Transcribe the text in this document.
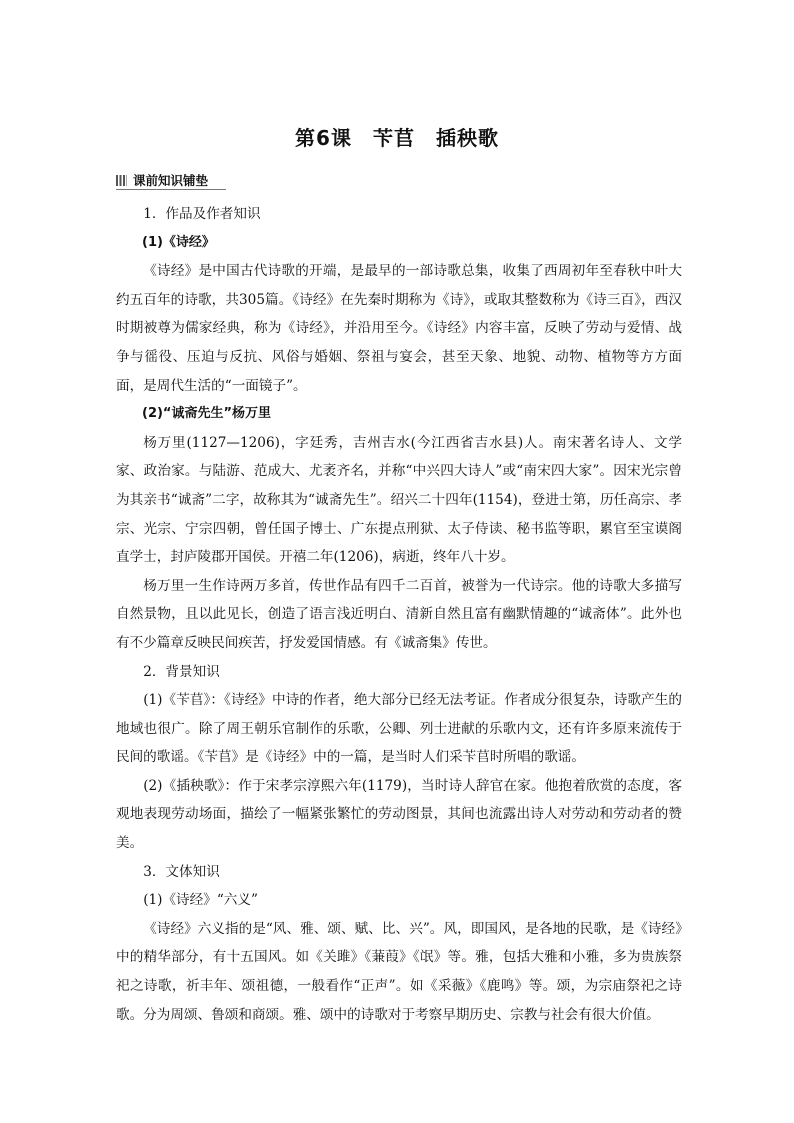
第6课　苄苢　插秧歌
课前知识铺垫

1．作品及作者知识

(1)《诗经》

《诗经》是中国古代诗歌的开端，是最早的一部诗歌总集，收集了西周初年至春秋中叶大约五百年的诗歌，共305篇。《诗经》在先秦时期称为《诗》，或取其整数称为《诗三百》，西汉时期被尊为儒家经典，称为《诗经》，并沿用至今。《诗经》内容丰富，反映了劳动与爱情、战争与徭役、压迫与反抗、风俗与婚姻、祭祖与宴会，甚至天象、地貌、动物、植物等方方面面，是周代生活的“一面镜子”。

(2)“诚斋先生”杨万里

杨万里(1127—1206)，字廷秀，吉州吉水(今江西省吉水县)人。南宋著名诗人、文学家、政治家。与陆游、范成大、尤袤齐名，并称“中兴四大诗人”或“南宋四大家”。因宋光宗曾为其亲书“诚斋”二字，故称其为“诚斋先生”。绍兴二十四年(1154)，登进士第，历任高宗、孝宗、光宗、宁宗四朝，曾任国子博士、广东提点刑狱、太子侍读、秘书监等职，累官至宝谟阁直学士，封庐陵郡开国侯。开禧二年(1206)，病逝，终年八十岁。

杨万里一生作诗两万多首，传世作品有四千二百首，被誉为一代诗宗。他的诗歌大多描写自然景物，且以此见长，创造了语言浅近明白、清新自然且富有幽默情趣的“诚斋体”。此外也有不少篇章反映民间疾苦，抒发爱国情感。有《诚斋集》传世。

2．背景知识

(1)《苄苢》：《诗经》中诗的作者，绝大部分已经无法考证。作者成分很复杂，诗歌产生的地域也很广。除了周王朝乐官制作的乐歌，公卿、列士进献的乐歌内文，还有许多原来流传于民间的歌谣。《苄苢》是《诗经》中的一篇，是当时人们采苄苢时所唱的歌谣。

(2)《插秧歌》：作于宋孝宗淳熙六年(1179)，当时诗人辞官在家。他抱着欣赏的态度，客观地表现劳动场面，描绘了一幅紧张繁忙的劳动图景，其间也流露出诗人对劳动和劳动者的赞美。

3．文体知识

(1)《诗经》“六义”

《诗经》六义指的是“风、雅、颂、赋、比、兴”。风，即国风，是各地的民歌，是《诗经》中的精华部分，有十五国风。如《关雎》《蒹葭》《氓》等。雅，包括大雅和小雅，多为贵族祭祀之诗歌，祈丰年、颂祖德，一般看作“正声”。如《采薇》《鹿鸣》等。颂，为宗庙祭祀之诗歌。分为周颂、鲁颂和商颂。雅、颂中的诗歌对于考察早期历史、宗教与社会有很大价值。
